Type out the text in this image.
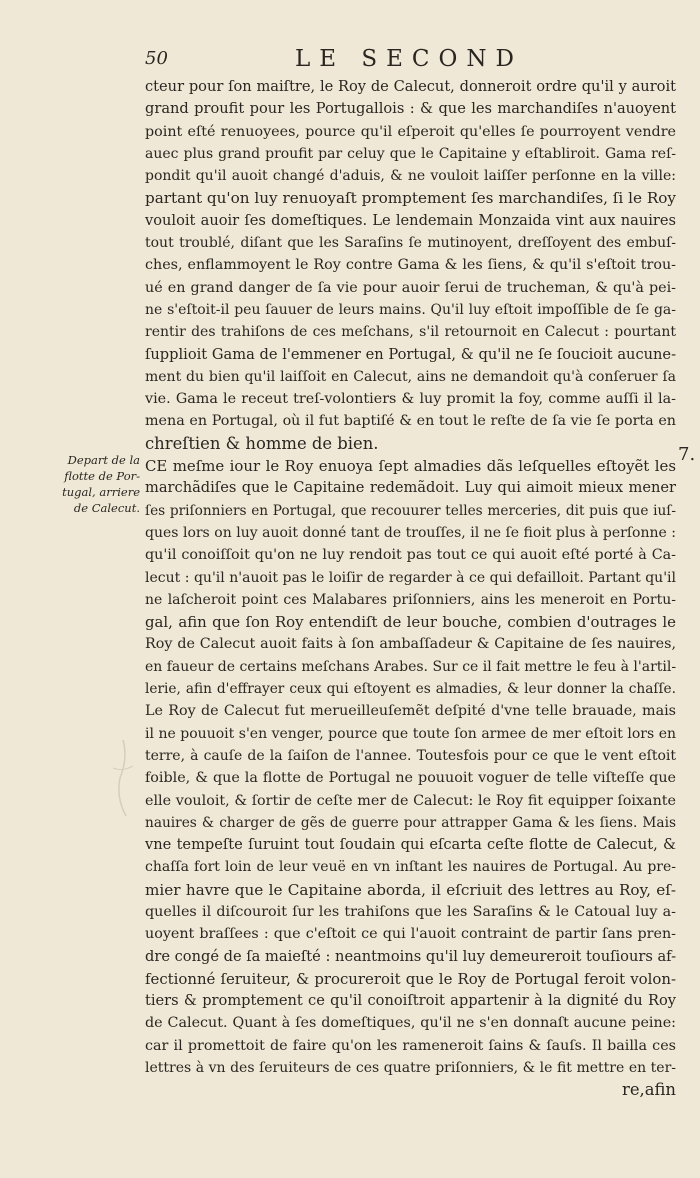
50	LE SECOND
Depart de la
flotte de Por-
tugal, arriere
de Calecut.
7.
cteur pour ſon maiſtre, le Roy de Calecut, donneroit ordre qu'il y auroit
grand proufit pour les Portugallois : & que les marchandiſes n'auoyent
point eſté renuoyees, pource qu'il eſperoit qu'elles ſe pourroyent vendre
auec plus grand proufit par celuy que le Capitaine y eſtabliroit. Gama reſ-
pondit qu'il auoit changé d'aduis, & ne vouloit laiſſer perſonne en la ville:
partant qu'on luy renuoyaſt promptement ſes marchandiſes, ſi le Roy
vouloit auoir ſes domeſtiques. Le lendemain Monzaida vint aux nauires
tout troublé, diſant que les Saraſins ſe mutinoyent, dreſſoyent des embuſ-
ches, enflammoyent le Roy contre Gama & les ſiens, & qu'il s'eſtoit trou-
ué en grand danger de ſa vie pour auoir ſerui de trucheman, & qu'à pei-
ne s'eſtoit-il peu ſauuer de leurs mains. Qu'il luy eſtoit impoſſible de ſe ga-
rentir des trahiſons de ces meſchans, s'il retournoit en Calecut : pourtant
ſupplioit Gama de l'emmener en Portugal, & qu'il ne ſe ſoucioit aucune-
ment du bien qu'il laiſſoit en Calecut, ains ne demandoit qu'à conſeruer ſa
vie. Gama le receut treſ-volontiers & luy promit la foy, comme auſſi il la-
mena en Portugal, où il fut baptiſé & en tout le reſte de ſa vie ſe porta en
chreſtien & homme de bien.
CE meſme iour le Roy enuoya ſept almadies dãs leſquelles eſtoyẽt les
marchãdiſes que le Capitaine redemãdoit. Luy qui aimoit mieux mener
ſes priſonniers en Portugal, que recouurer telles merceries, dit puis que iuſ-
ques lors on luy auoit donné tant de trouſſes, il ne ſe fioit plus à perſonne :
qu'il conoiſſoit qu'on ne luy rendoit pas tout ce qui auoit eſté porté à Ca-
lecut : qu'il n'auoit pas le loiſir de regarder à ce qui defailloit. Partant qu'il
ne laſcheroit point ces Malabares priſonniers, ains les meneroit en Portu-
gal, afin que ſon Roy entendiſt de leur bouche, combien d'outrages le
Roy de Calecut auoit faits à ſon ambaſſadeur & Capitaine de ſes nauires,
en faueur de certains meſchans Arabes. Sur ce il fait mettre le feu à l'artil-
lerie, afin d'effrayer ceux qui eſtoyent es almadies, & leur donner la chaſſe.
Le Roy de Calecut fut merueilleuſemẽt deſpité d'vne telle brauade, mais
il ne pouuoit s'en venger, pource que toute ſon armee de mer eſtoit lors en
terre, à cauſe de la ſaiſon de l'annee. Toutesfois pour ce que le vent eſtoit
foible, & que la flotte de Portugal ne pouuoit voguer de telle viſteſſe que
elle vouloit, & ſortir de ceſte mer de Calecut: le Roy fit equipper ſoixante
nauires & charger de gẽs de guerre pour attrapper Gama & les ſiens. Mais
vne tempeſte ſuruint tout ſoudain qui eſcarta ceſte flotte de Calecut, &
chaſſa fort loin de leur veuë en vn inſtant les nauires de Portugal. Au pre-
mier havre que le Capitaine aborda, il eſcriuit des lettres au Roy, eſ-
quelles il diſcouroit ſur les trahiſons que les Saraſins & le Catoual luy a-
uoyent braſſees : que c'eſtoit ce qui l'auoit contraint de partir ſans pren-
dre congé de ſa maieſté : neantmoins qu'il luy demeureroit touſiours af-
fectionné ſeruiteur, & procureroit que le Roy de Portugal feroit volon-
tiers & promptement ce qu'il conoiſtroit appartenir à la dignité du Roy
de Calecut. Quant à ſes domeſtiques, qu'il ne s'en donnaſt aucune peine:
car il promettoit de faire qu'on les rameneroit ſains & ſauſs. Il bailla ces
lettres à vn des ſeruiteurs de ces quatre priſonniers, & le fit mettre en ter-
re,afin
